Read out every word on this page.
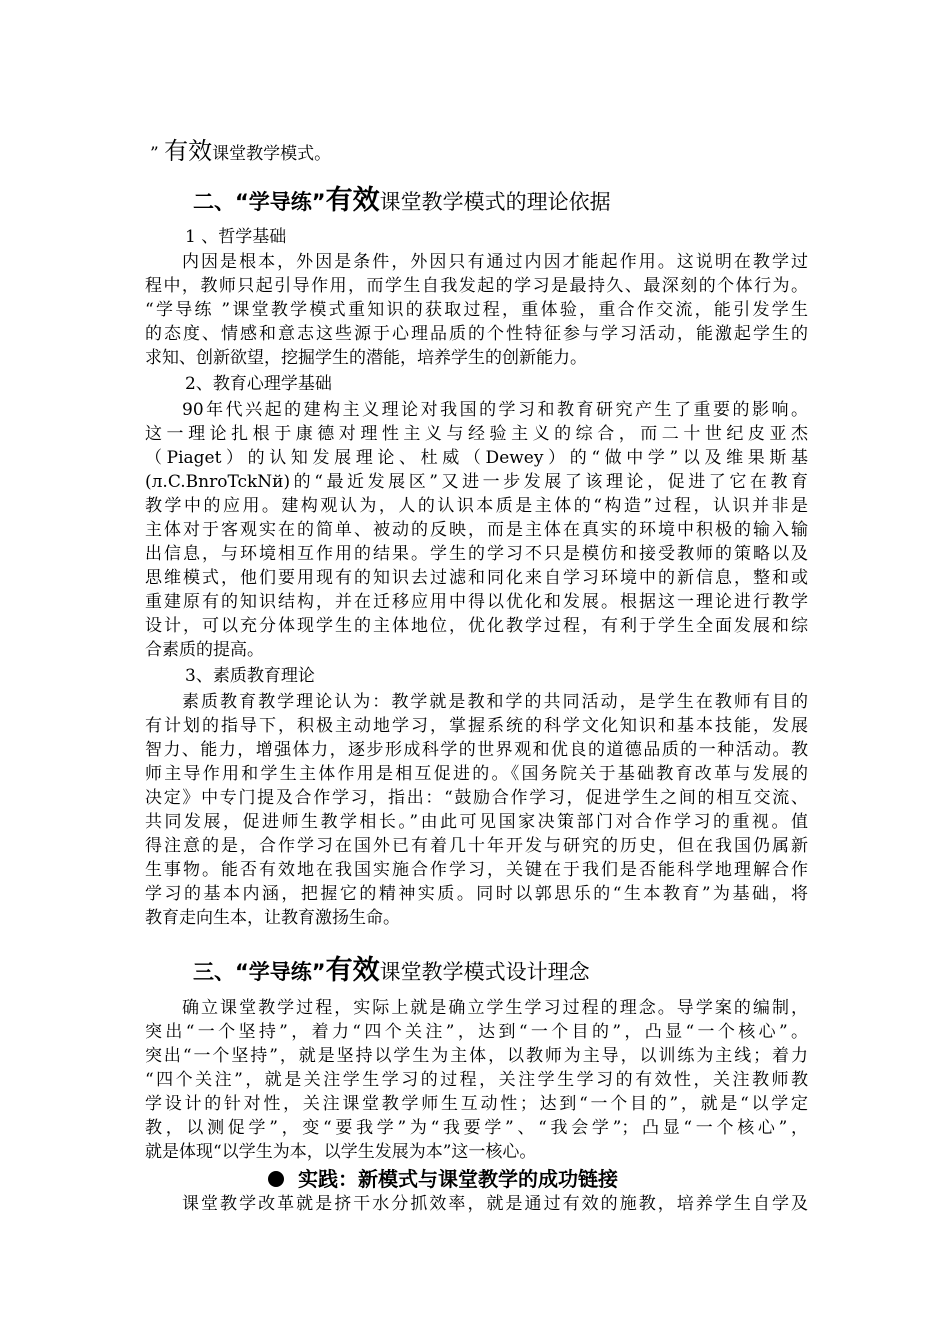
” 有效课堂教学模式。
二、“学导练”有效课堂教学模式的理论依据
1 、哲学基础
内因是根本，外因是条件，外因只有通过内因才能起作用。这说明在教学过
程中，教师只起引导作用，而学生自我发起的学习是最持久、最深刻的个体行为。
“学导练 ”课堂教学模式重知识的获取过程，重体验，重合作交流，能引发学生
的态度、情感和意志这些源于心理品质的个性特征参与学习活动，能激起学生的
求知、创新欲望，挖掘学生的潜能，培养学生的创新能力。
2、教育心理学基础
90年代兴起的建构主义理论对我国的学习和教育研究产生了重要的影响。
这一理论扎根于康德对理性主义与经验主义的综合，而二十世纪皮亚杰
（Piaget）的认知发展理论、杜威（Dewey）的“做中学”以及维果斯基
(л.C.BnroTckNй)的“最近发展区”又进一步发展了该理论，促进了它在教育
教学中的应用。建构观认为，人的认识本质是主体的“构造”过程，认识并非是
主体对于客观实在的简单、被动的反映，而是主体在真实的环境中积极的输入输
出信息，与环境相互作用的结果。学生的学习不只是模仿和接受教师的策略以及
思维模式，他们要用现有的知识去过滤和同化来自学习环境中的新信息，整和或
重建原有的知识结构，并在迁移应用中得以优化和发展。根据这一理论进行教学
设计，可以充分体现学生的主体地位，优化教学过程，有利于学生全面发展和综
合素质的提高。
3、素质教育理论
素质教育教学理论认为：教学就是教和学的共同活动，是学生在教师有目的
有计划的指导下，积极主动地学习，掌握系统的科学文化知识和基本技能，发展
智力、能力，增强体力，逐步形成科学的世界观和优良的道德品质的一种活动。教
师主导作用和学生主体作用是相互促进的。《国务院关于基础教育改革与发展的
决定》中专门提及合作学习，指出：“鼓励合作学习，促进学生之间的相互交流、
共同发展，促进师生教学相长。”由此可见国家决策部门对合作学习的重视。值
得注意的是，合作学习在国外已有着几十年开发与研究的历史，但在我国仍属新
生事物。能否有效地在我国实施合作学习，关键在于我们是否能科学地理解合作
学习的基本内涵，把握它的精神实质。同时以郭思乐的“生本教育”为基础，将
教育走向生本，让教育激扬生命。
三、“学导练”有效课堂教学模式设计理念
确立课堂教学过程，实际上就是确立学生学习过程的理念。导学案的编制，
突出“一个坚持”，着力“四个关注”，达到“一个目的”，凸显“一个核心”。
突出“一个坚持”，就是坚持以学生为主体，以教师为主导，以训练为主线；着力
“四个关注”，就是关注学生学习的过程，关注学生学习的有效性，关注教师教
学设计的针对性，关注课堂教学师生互动性；达到“一个目的”，就是“以学定
教，以测促学”，变“要我学”为“我要学”、“我会学”；凸显“一个核心”，
就是体现“以学生为本，以学生发展为本”这一核心。
实践：新模式与课堂教学的成功链接
课堂教学改革就是挤干水分抓效率，就是通过有效的施教，培养学生自学及
